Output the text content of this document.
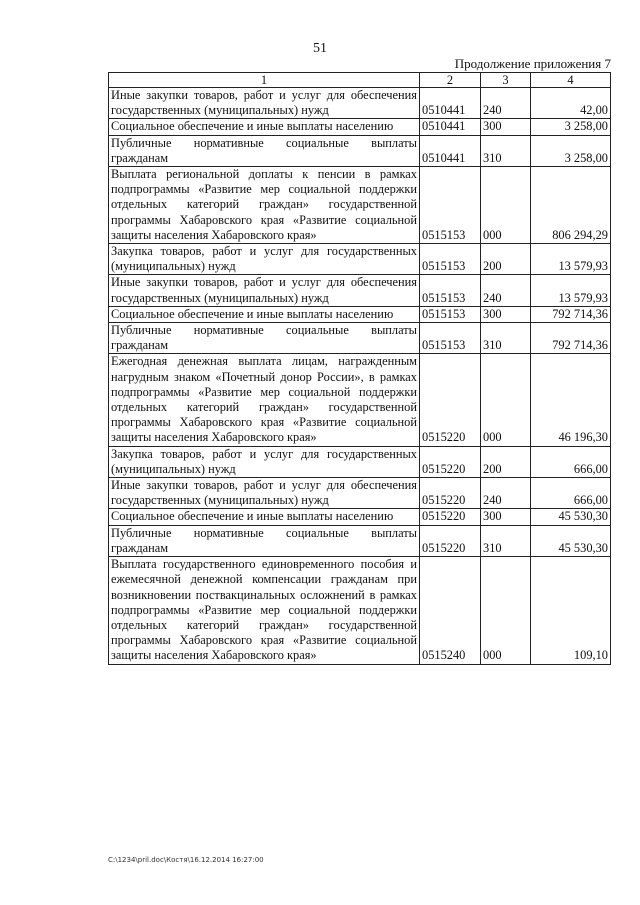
51
Продолжение приложения 7
1	2	3	4
Иные закупки товаров, работ и услуг для обеспечения государственных (муниципальных) нужд	0510441	240	42,00
Социальное обеспечение и иные выплаты населению	0510441	300	3 258,00
Публичные нормативные социальные выплаты гражданам	0510441	310	3 258,00
Выплата региональной доплаты к пенсии в рамках подпрограммы «Развитие мер социальной поддержки отдельных категорий граждан» государственной программы Хабаровского края «Развитие социальной защиты населения Хабаровского края»	0515153	000	806 294,29
Закупка товаров, работ и услуг для государственных (муниципальных) нужд	0515153	200	13 579,93
Иные закупки товаров, работ и услуг для обеспечения государственных (муниципальных) нужд	0515153	240	13 579,93
Социальное обеспечение и иные выплаты населению	0515153	300	792 714,36
Публичные нормативные социальные выплаты гражданам	0515153	310	792 714,36
Ежегодная денежная выплата лицам, награжденным нагрудным знаком «Почетный донор России», в рамках подпрограммы «Развитие мер социальной поддержки отдельных категорий граждан» государственной программы Хабаровского края «Развитие социальной защиты населения Хабаровского края»	0515220	000	46 196,30
Закупка товаров, работ и услуг для государственных (муниципальных) нужд	0515220	200	666,00
Иные закупки товаров, работ и услуг для обеспечения государственных (муниципальных) нужд	0515220	240	666,00
Социальное обеспечение и иные выплаты населению	0515220	300	45 530,30
Публичные нормативные социальные выплаты гражданам	0515220	310	45 530,30
Выплата государственного единовременного пособия и ежемесячной денежной компенсации гражданам при возникновении поствакцинальных осложнений в рамках подпрограммы «Развитие мер социальной поддержки отдельных категорий граждан» государственной программы Хабаровского края «Развитие социальной защиты населения Хабаровского края»	0515240	000	109,10
C:\1234\pril.doc\Костя\16.12.2014 16:27:00
